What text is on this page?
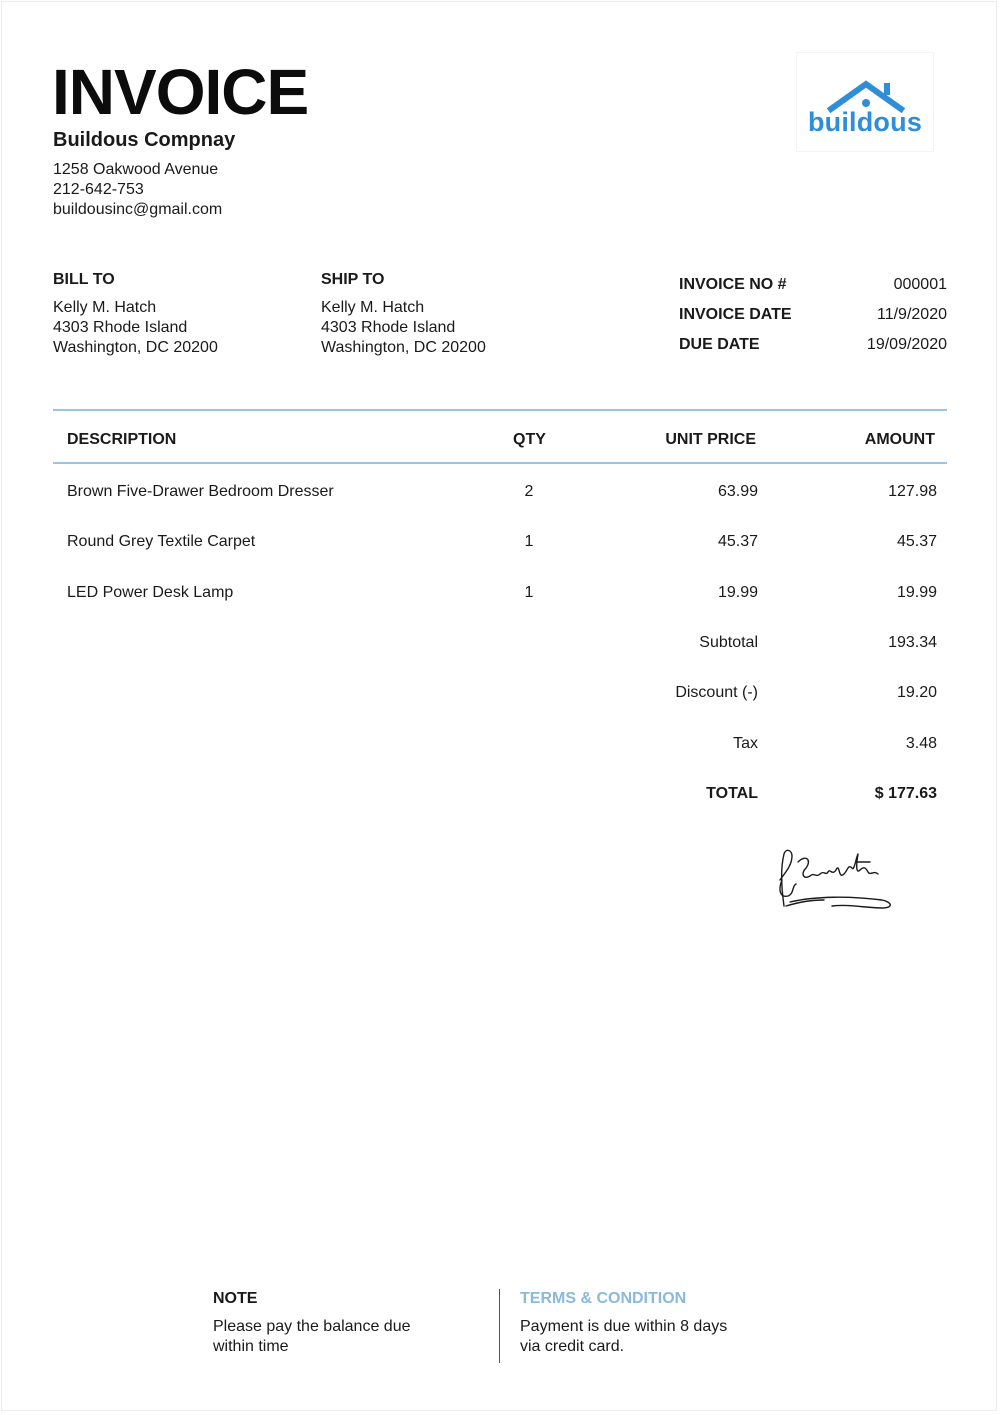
INVOICE
Buildous Compnay
1258 Oakwood Avenue
212-642-753
buildousinc@gmail.com
buildous
BILL TO
Kelly M. Hatch
4303 Rhode Island
Washington, DC 20200
SHIP TO
Kelly M. Hatch
4303 Rhode Island
Washington, DC 20200
INVOICE NO #	000001
INVOICE DATE	11/9/2020
DUE DATE	19/09/2020
DESCRIPTION	QTY	UNIT PRICE	AMOUNT
Brown Five-Drawer Bedroom Dresser	2	63.99	127.98
Round Grey Textile Carpet	1	45.37	45.37
LED Power Desk Lamp	1	19.99	19.99
Subtotal	193.34
Discount (-)	19.20
Tax	3.48
TOTAL	$ 177.63
NOTE
Please pay the balance due
within time
TERMS & CONDITION
Payment is due within 8 days
via credit card.
